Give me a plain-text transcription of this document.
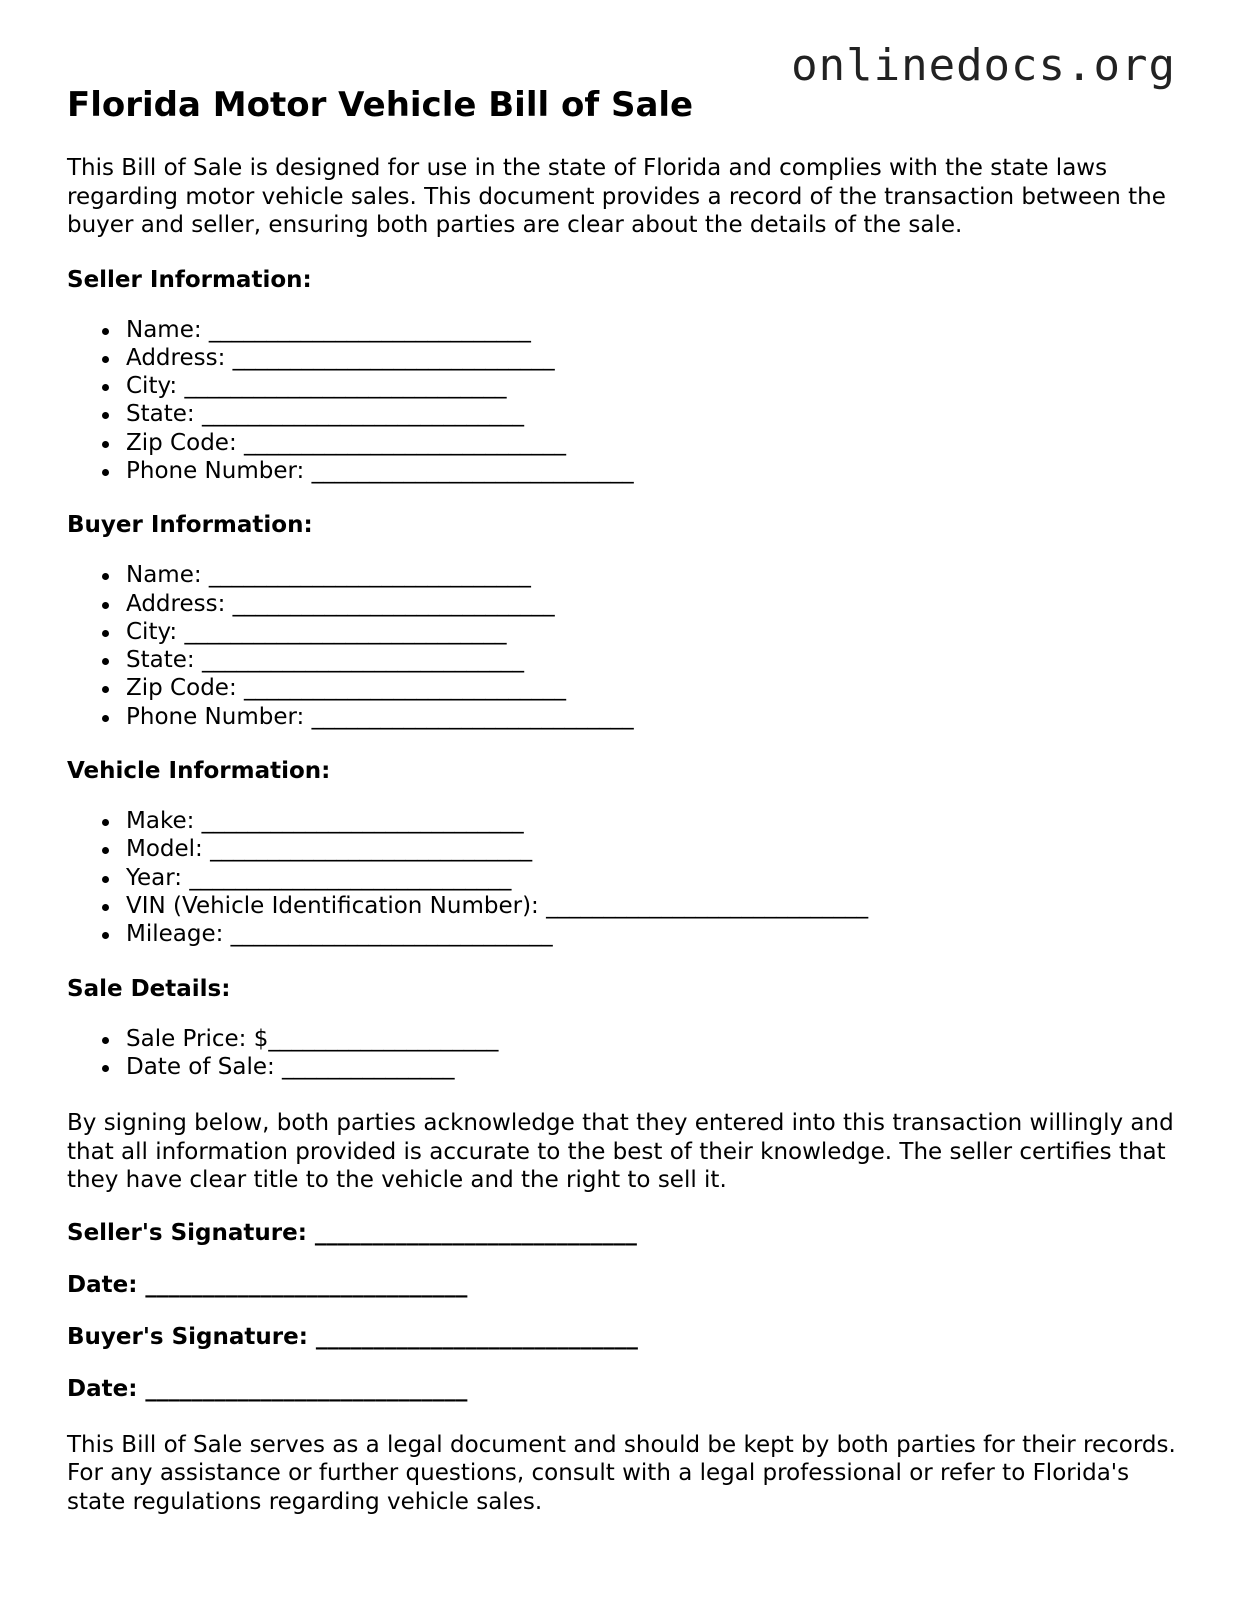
onlinedocs.org
Florida Motor Vehicle Bill of Sale

This Bill of Sale is designed for use in the state of Florida and complies with the state laws regarding motor vehicle sales. This document provides a record of the transaction between the buyer and seller, ensuring both parties are clear about the details of the sale.

Seller Information:
Name: ____________________________
Address: ____________________________
City: ____________________________
State: ____________________________
Zip Code: ____________________________
Phone Number: ____________________________
Buyer Information:
Name: ____________________________
Address: ____________________________
City: ____________________________
State: ____________________________
Zip Code: ____________________________
Phone Number: ____________________________
Vehicle Information:
Make: ____________________________
Model: ____________________________
Year: ____________________________
VIN (Vehicle Identification Number): ____________________________
Mileage: ____________________________
Sale Details:
Sale Price: $____________________
Date of Sale: _______________

By signing below, both parties acknowledge that they entered into this transaction willingly and that all information provided is accurate to the best of their knowledge. The seller certifies that they have clear title to the vehicle and the right to sell it.

Seller's Signature: ____________________________
Date: ____________________________
Buyer's Signature: ____________________________
Date: ____________________________

This Bill of Sale serves as a legal document and should be kept by both parties for their records. For any assistance or further questions, consult with a legal professional or refer to Florida's state regulations regarding vehicle sales.
